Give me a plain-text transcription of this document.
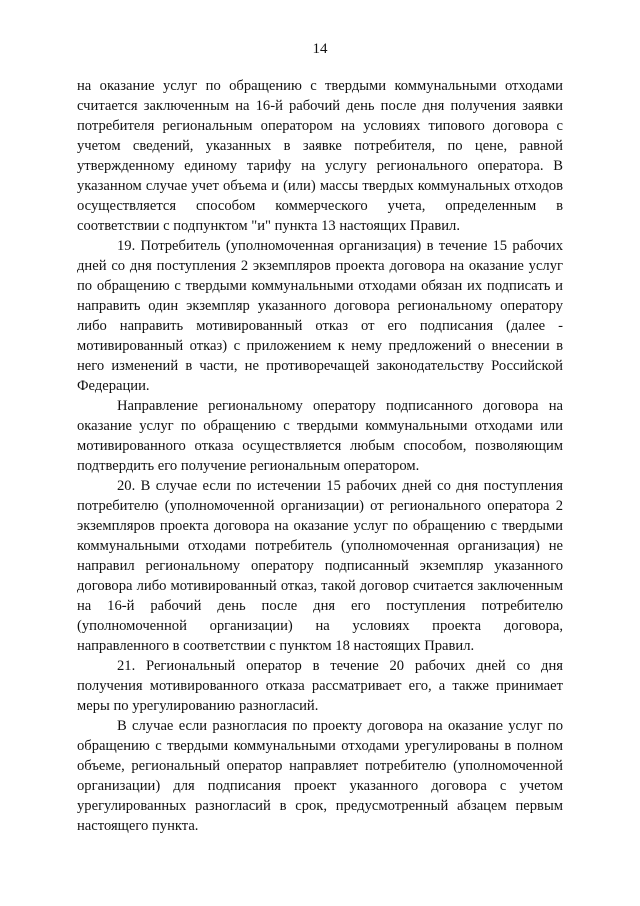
14

на оказание услуг по обращению с твердыми коммунальными отходами считается заключенным на 16-й рабочий день после дня получения заявки потребителя региональным оператором на условиях типового договора с учетом сведений, указанных в заявке потребителя, по цене, равной утвержденному единому тарифу на услугу регионального оператора. В указанном случае учет объема и (или) массы твердых коммунальных отходов осуществляется способом коммерческого учета, определенным в соответствии с подпунктом "и" пункта 13 настоящих Правил.

19. Потребитель (уполномоченная организация) в течение 15 рабочих дней со дня поступления 2 экземпляров проекта договора на оказание услуг по обращению с твердыми коммунальными отходами обязан их подписать и направить один экземпляр указанного договора региональному оператору либо направить мотивированный отказ от его подписания (далее - мотивированный отказ) с приложением к нему предложений о внесении в него изменений в части, не противоречащей законодательству Российской Федерации.

Направление региональному оператору подписанного договора на оказание услуг по обращению с твердыми коммунальными отходами или мотивированного отказа осуществляется любым способом, позволяющим подтвердить его получение региональным оператором.

20. В случае если по истечении 15 рабочих дней со дня поступления потребителю (уполномоченной организации) от регионального оператора 2 экземпляров проекта договора на оказание услуг по обращению с твердыми коммунальными отходами потребитель (уполномоченная организация) не направил региональному оператору подписанный экземпляр указанного договора либо мотивированный отказ, такой договор считается заключенным на 16-й рабочий день после дня его поступления потребителю (уполномоченной организации) на условиях проекта договора, направленного в соответствии с пунктом 18 настоящих Правил.

21. Региональный оператор в течение 20 рабочих дней со дня получения мотивированного отказа рассматривает его, а также принимает меры по урегулированию разногласий.

В случае если разногласия по проекту договора на оказание услуг по обращению с твердыми коммунальными отходами урегулированы в полном объеме, региональный оператор направляет потребителю (уполномоченной организации) для подписания проект указанного договора с учетом урегулированных разногласий в срок, предусмотренный абзацем первым настоящего пункта.
